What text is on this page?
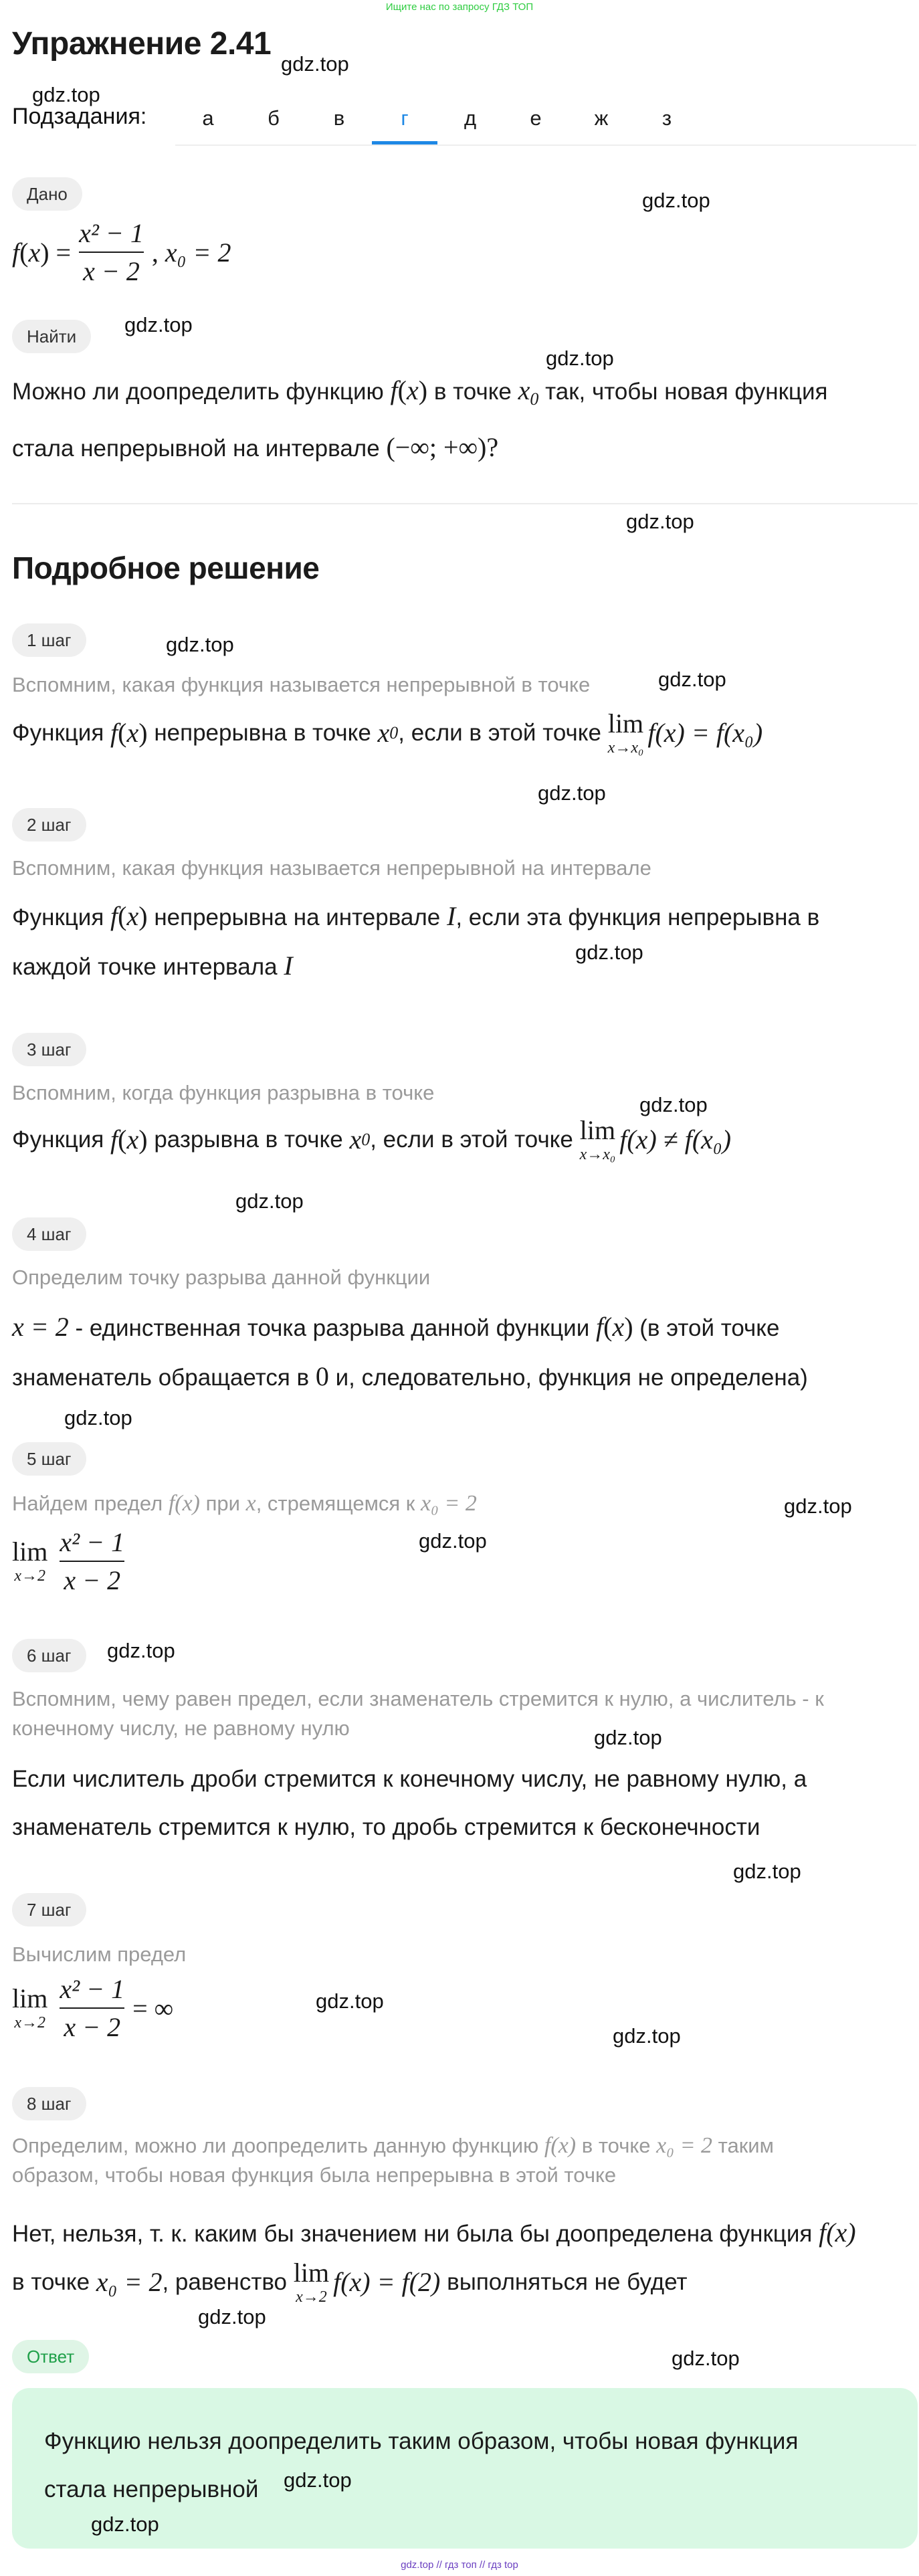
Ищите нас по запросу ГДЗ ТОП
Упражнение 2.41
Подзадания:	а	б	в	г	д	е	ж	з
Дано
f ( x ) = $\frac{\text{x² − 1}}{x - 2}$ , x₀ = 2
Найти
Можно ли доопределить функцию f(x) в точке $x_0$ так, чтобы новая функция
стала непрерывной на интервале (−∞; +∞)?
Подробное решение
1 шаг
Вспомним, какая функция называется непрерывной в точке
Функция
f ( x )
непрерывна в точке
x 0 , если в этой точке
lim
x→x₀ f(x) = f(x₀)
2 шаг
Вспомним, какая функция называется непрерывной на интервале
Функция f(x) непрерывна на интервале I, если эта функция непрерывна в
каждой точке интервала I
3 шаг
Вспомним, когда функция разрывна в точке
Функция
f ( x )
разрывна в точке
x 0 , если в этой точке
lim
x→x₀ f(x) ≠ f(x₀)
4 шаг
Определим точку разрыва данной функции
x = 2 - единственная точка разрыва данной функции f(x) (в этой точке
знаменатель обращается в 0 и, следовательно, функция не определена)
5 шаг
Найдем предел f(x) при x, стремящемся к x₀ = 2
lim
$x\to 2 \frac{\text{x² − 1}}{x - 2}$
6 шаг
Вспомним, чему равен предел, если знаменатель стремится к нулю, а числитель - к
конечному числу, не равному нулю
Если числитель дроби стремится к конечному числу, не равному нулю, а
знаменатель стремится к нулю, то дробь стремится к бесконечности
7 шаг
Вычислим предел
lim
$x\to 2 \frac{\text{x² − 1}}{x - 2}$ = ∞
8 шаг
Определим, можно ли доопределить данную функцию f(x) в точке x₀ = 2 таким
образом, чтобы новая функция была непрерывна в этой точке
Нет, нельзя, т. к. каким бы значением ни была бы доопределена функция f(x)

в точке
x₀ = 2 , равенство
lim
x→2 f(x) = f(2)
выполняться не будет
Ответ
Функцию нельзя доопределить таким образом, чтобы новая функция
стала непрерывной
gdz.top
gdz.top
gdz.top
gdz.top
gdz.top
gdz.top
gdz.top
gdz.top
gdz.top
gdz.top
gdz.top
gdz.top
gdz.top
gdz.top
gdz.top
gdz.top
gdz.top
gdz.top
gdz.top
gdz.top
gdz.top
gdz.top
gdz.top
gdz.top
gdz.top // гдз топ // гдз top
